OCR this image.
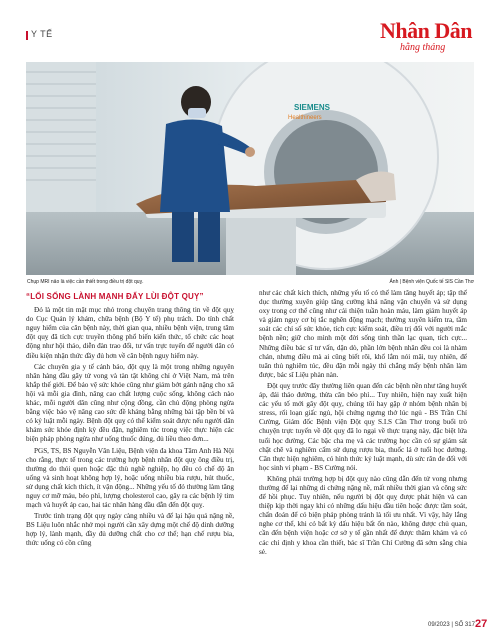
Y TẾ	Nhân Dân
hằng tháng
SIEMENS
Healthineers
Chụp MRI nảo là việc cần thiết trong điều trị đột quỵ.	Ảnh | Bệnh viện Quốc tế SIS Cần Thơ
“LỐI SỐNG LÀNH MẠNH ĐẨY LÙI ĐỘT QUỴ”

Đó là một tin mật mục nhỏ trong chuyên trang thông tin về đột quỵ do Cục Quản lý khám, chữa bệnh (Bộ Y tế) phụ trách. Do tính chất nguy hiểm của căn bệnh này, thời gian qua, nhiều bệnh viện, trung tâm đột quỵ đã tích cực truyền thông phổ biến kiến thức, tổ chức các hoạt động như hội thảo, diễn đàn trao đổi, tư vấn trực tuyến để người dân có điều kiện nhận thức đầy đủ hơn về căn bệnh nguy hiểm này.

Các chuyên gia y tế cảnh báo, đột quỵ là một trong những nguyên nhân hàng đầu gây tử vong và tàn tật không chỉ ở Việt Nam, mà trên khắp thế giới. Để bảo vệ sức khỏe cũng như giảm bớt gánh nặng cho xã hội và mỗi gia đình, nâng cao chất lượng cuộc sống, không cách nào khác, mỗi người dân cũng như cộng đồng, cần chủ động phòng ngừa bằng việc bảo vệ nâng cao sức đề kháng bằng những bài tập bền bỉ và có kỷ luật mỗi ngày. Bệnh đột quỵ có thể kiểm soát được nếu người dân khám sức khỏe định kỳ đều đặn, nghiêm túc trong việc thực hiện các biện pháp phòng ngừa như uống thuốc đúng, đủ liều theo đơn...

PGS, TS, BS Nguyễn Văn Liệu, Bệnh viện đa khoa Tâm Anh Hà Nội cho rằng, thực tế trong các trường hợp bệnh nhân đột quỵ ông điều trị, thường do thói quen hoặc đặc thù nghề nghiệp, họ đều có chế độ ăn uống và sinh hoạt không hợp lý, hoặc uống nhiều bia rượu, hút thuốc, sử dụng chất kích thích, ít vận động... Những yếu tố đó thường làm tăng nguy cơ mỡ máu, béo phì, lượng cholesterol cao, gây ra các bệnh lý tim mạch và huyết áp cao, hai tác nhân hàng đầu dẫn đến đột quỵ.

Trước tình trạng đột quỵ ngày càng nhiều và để lại hậu quả nặng nề, BS Liệu luôn nhắc nhở mọi người cần xây dựng một chế độ dinh dưỡng hợp lý, lành mạnh, đầy đủ dưỡng chất cho cơ thể; hạn chế rượu bia, thức uống có cồn cũng

như các chất kích thích, những yếu tố có thể làm tăng huyết áp; tập thể dục thường xuyên giúp tăng cường khả năng vận chuyển và sử dụng oxy trong cơ thể cũng như cải thiện tuần hoàn máu, làm giảm huyết áp và giảm nguy cơ bị tắc nghẽn động mạch; thường xuyên kiểm tra, tầm soát các chỉ số sức khỏe, tích cực kiểm soát, điều trị đối với người mắc bệnh nền; giữ cho mình một đời sống tinh thần lạc quan, tích cực... Những điều bác sĩ tư vấn, dặn dò, phần lớn bệnh nhân đều coi là nhàm chán, nhưng điều mà ai cũng biết rõi, khổ lắm nói mãi, tuy nhiên, để tuân thủ nghiêm túc, đều đặn mỗi ngày thì chẳng mấy bệnh nhân làm được, bác sĩ Liệu phàn nàn.

Đột quỵ trước đây thường liên quan đến các bệnh nền như tăng huyết áp, đái tháo đường, thừa cân béo phì... Tuy nhiên, hiện nay xuất hiện các yếu tố mới gây đột quỵ, chúng tôi hay gặp ở nhóm bệnh nhân bị stress, rối loạn giấc ngủ, hội chứng ngưng thở lúc ngủ - BS Trần Chí Cường, Giám đốc Bệnh viện Đột quỵ S.I.S Cần Thơ trong buổi trò chuyện trực tuyến về đột quỵ đã lo ngại về thực trạng này, đặc biệt lứa tuổi học đường. Các bậc cha mẹ và các trường học cần có sự giám sát chặt chẽ và nghiêm cấm sử dụng rượu bia, thuốc lá ở tuổi học đường. Căn thực hiện nghiêm, có hình thức kỷ luật mạnh, dù sức răn đe đối với học sinh vi phạm - BS Cường nói.

Không phải trường hợp bị đột quỵ nào cũng dẫn đến tử vong nhưng thường để lại những di chứng nặng nề, mất nhiều thời gian và công sức để hồi phục. Tuy nhiên, nếu người bị đột quỵ được phát hiện và can thiệp kịp thời ngay khi có những dấu hiệu đầu tiên hoặc được tầm soát, chẩn đoán để có biện pháp phòng tránh là tối ưu nhất. Vì vậy, hãy lắng nghe cơ thể, khi có bất kỳ dấu hiệu bất ổn nào, không được chủ quan, cần đến bệnh viện hoặc cơ sở y tế gần nhất để được thăm khám và có các chỉ định y khoa cần thiết, bác sĩ Trần Chí Cường đã sớm sẵng chia sẻ.

09/2023 | SỐ 317 27
